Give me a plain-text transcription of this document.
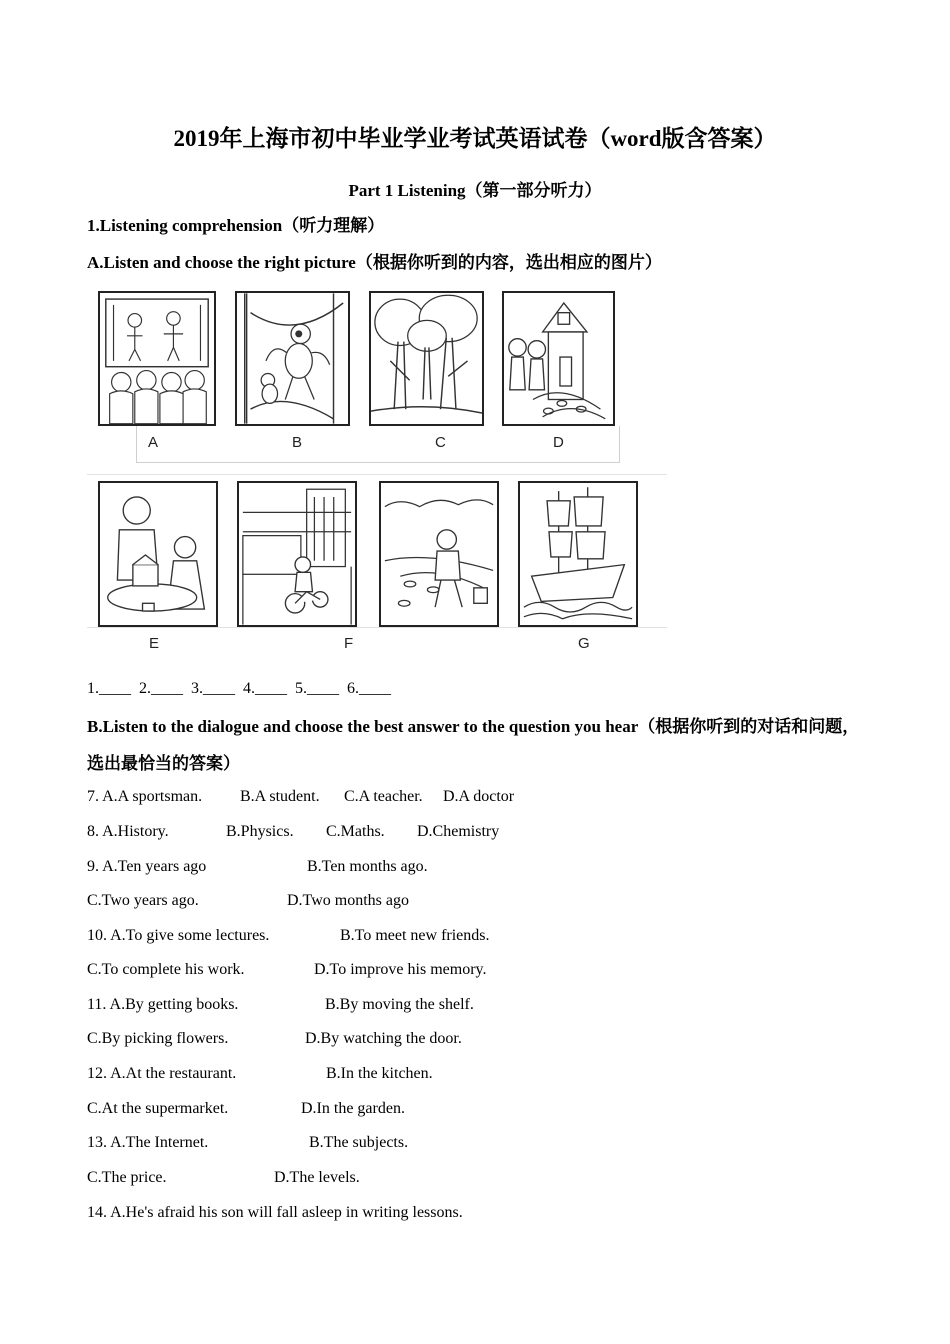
2019年上海市初中毕业学业考试英语试卷（word版含答案）
Part 1 Listening（第一部分听力）
1.Listening comprehension（听力理解）
A.Listen and choose the right picture（根据你听到的内容，选出相应的图片）
A	B	C	D
E	F	G
1.____  2.____  3.____  4.____  5.____  6.____
B.Listen to the dialogue and choose the best answer to the question you hear（根据你听到的对话和问题，选出最恰当的答案）
7. A.A sportsman. B.A student. C.A teacher. D.A doctor
8. A.History.	B.Physics. C.Maths. D.Chemistry
9. A.Ten years ago	B.Ten months ago.
C.Two years ago.	D.Two months ago
10. A.To give some lectures.	B.To meet new friends.
C.To complete his work.	D.To improve his memory.
11. A.By getting books.	B.By moving the shelf.
C.By picking flowers.	D.By watching the door.
12. A.At the restaurant.	B.In the kitchen.
C.At the supermarket.	D.In the garden.
13. A.The Internet.	B.The subjects.
C.The price.	D.The levels.
14. A.He's afraid his son will fall asleep in writing lessons.
